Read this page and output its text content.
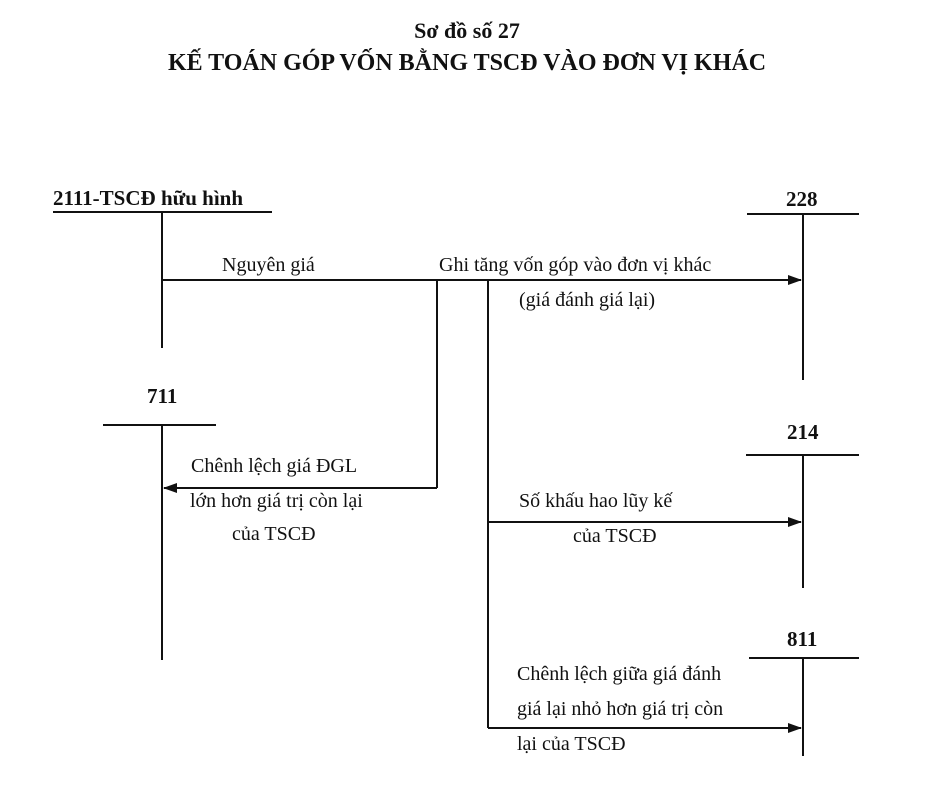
Sơ đồ số 27
KẾ TOÁN GÓP VỐN BẰNG TSCĐ VÀO ĐƠN VỊ KHÁC
2111-TSCĐ hữu hình	228
711
214
811
Nguyên giá	Ghi tăng vốn góp vào đơn vị khác
(giá đánh giá lại)
Chênh lệch giá ĐGL
lớn hơn giá trị còn lại
của TSCĐ
Số khấu hao lũy kế
của TSCĐ
Chênh lệch giữa giá đánh
giá lại nhỏ hơn giá trị còn
lại của TSCĐ
